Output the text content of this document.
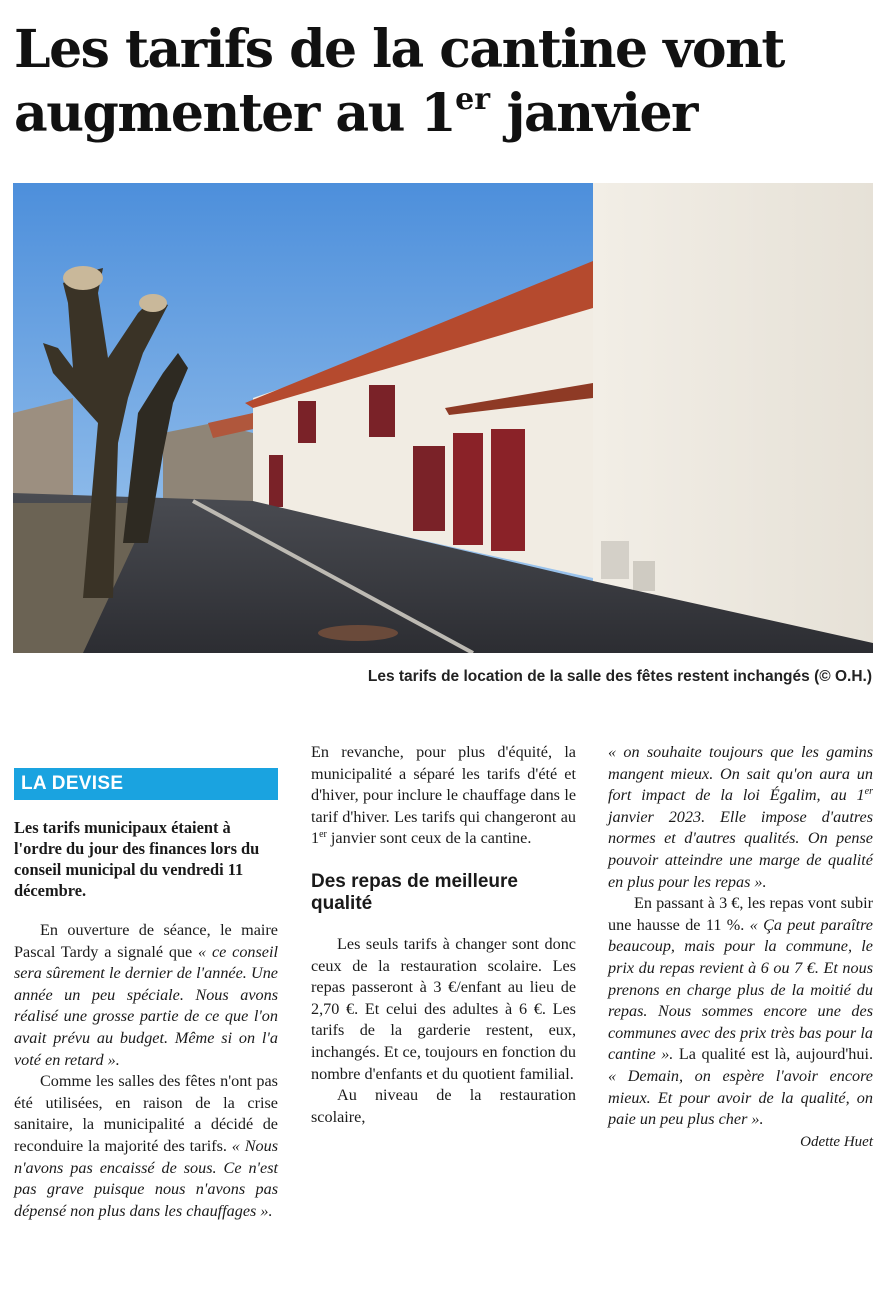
Les tarifs de la cantine vont
augmenter au 1er janvier
Les tarifs de location de la salle des fêtes restent inchangés (© O.H.)
LA DEVISE

Les tarifs municipaux étaient à l'ordre du jour des finances lors du conseil municipal du vendredi 11 décembre.

En ouverture de séance, le maire Pascal Tardy a signalé que « ce conseil sera sûrement le dernier de l'année. Une année un peu spéciale. Nous avons réalisé une grosse partie de ce que l'on avait prévu au budget. Même si on l'a voté en retard ».

Comme les salles des fêtes n'ont pas été utilisées, en raison de la crise sanitaire, la municipalité a décidé de reconduire la majorité des tarifs. « Nous n'avons pas encaissé de sous. Ce n'est pas grave puisque nous n'avons pas dépensé non plus dans les chauffages ».

En revanche, pour plus d'équité, la municipalité a séparé les tarifs d'été et d'hiver, pour inclure le chauffage dans le tarif d'hiver. Les tarifs qui changeront au 1er janvier sont ceux de la cantine.

Des repas de meilleure qualité

Les seuls tarifs à changer sont donc ceux de la restauration scolaire. Les repas passeront à 3 €/enfant au lieu de 2,70 €. Et celui des adultes à 6 €. Les tarifs de la garderie restent, eux, inchangés. Et ce, toujours en fonction du nombre d'enfants et du quotient familial.

Au niveau de la restauration scolaire,

« on souhaite toujours que les gamins mangent mieux. On sait qu'on aura un fort impact de la loi Égalim, au 1er janvier 2023. Elle impose d'autres normes et d'autres qualités. On pense pouvoir atteindre une marge de qualité en plus pour les repas ».

En passant à 3 €, les repas vont subir une hausse de 11 %. « Ça peut paraître beaucoup, mais pour la commune, le prix du repas revient à 6 ou 7 €. Et nous prenons en charge plus de la moitié du repas. Nous sommes encore une des communes avec des prix très bas pour la cantine ». La qualité est là, aujourd'hui. « Demain, on espère l'avoir encore mieux. Et pour avoir de la qualité, on paie un peu plus cher ».

Odette Huet
